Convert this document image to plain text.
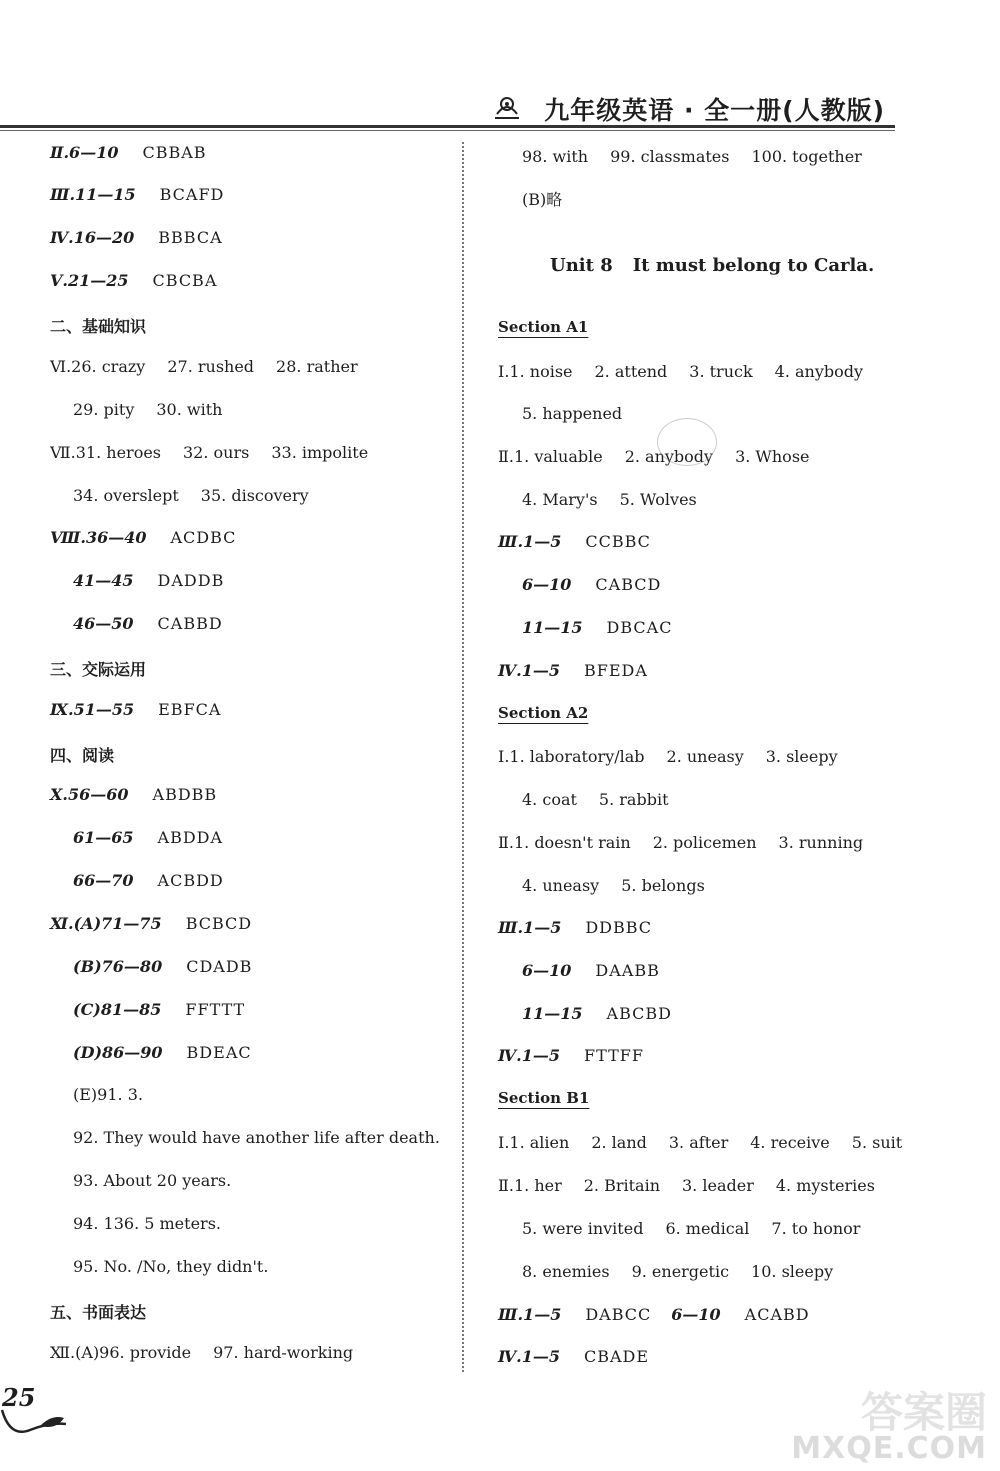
九年级英语 · 全一册(人教版)
Ⅱ.6—10 CBBAB
Ⅲ.11—15 BCAFD
Ⅳ.16—20 BBBCA
Ⅴ.21—25 CBCBA
二、基础知识
Ⅵ.26. crazy 27. rushed 28. rather
29. pity 30. with
Ⅶ.31. heroes 32. ours 33. impolite
34. overslept 35. discovery
Ⅷ.36—40 ACDBC
41—45 DADDB
46—50 CABBD
三、交际运用
Ⅸ.51—55 EBFCA
四、阅读
Ⅹ.56—60 ABDBB
61—65 ABDDA
66—70 ACBDD
Ⅺ.(A)71—75 BCBCD
(B)76—80 CDADB
(C)81—85 FFTTT
(D)86—90 BDEAC
(E)91. 3.
92. They would have another life after death.
93. About 20 years.
94. 136. 5 meters.
95. No. /No, they didn't.
五、书面表达
Ⅻ.(A)96. provide 97. hard-working
98. with 99. classmates 100. together
(B)略
Unit 8 It must belong to Carla.
Section A1
Ⅰ.1. noise 2. attend 3. truck 4. anybody
5. happened
Ⅱ.1. valuable 2. anybody 3. Whose
4. Mary's 5. Wolves
Ⅲ.1—5 CCBBC
6—10 CABCD
11—15 DBCAC
Ⅳ.1—5 BFEDA
Section A2
Ⅰ.1. laboratory/lab 2. uneasy 3. sleepy
4. coat 5. rabbit
Ⅱ.1. doesn't rain 2. policemen 3. running
4. uneasy 5. belongs
Ⅲ.1—5 DDBBC
6—10 DAABB
11—15 ABCBD
Ⅳ.1—5 FTTFF
Section B1
Ⅰ.1. alien 2. land 3. after 4. receive 5. suit
Ⅱ.1. her 2. Britain 3. leader 4. mysteries
5. were invited 6. medical 7. to honor
8. enemies 9. energetic 10. sleepy
Ⅲ.1—5 DABCC 6—10 ACABD
Ⅳ.1—5 CBADE
25	答案圈
MXQE.COM
